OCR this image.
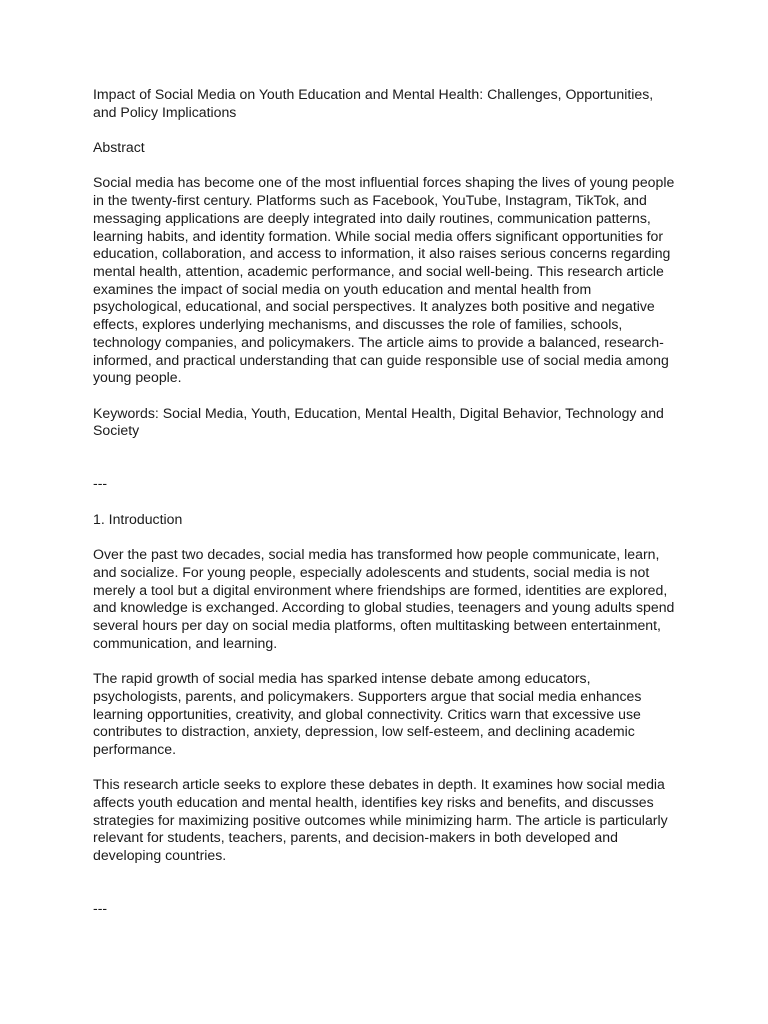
Impact of Social Media on Youth Education and Mental Health: Challenges, Opportunities, and Policy Implications

Abstract

Social media has become one of the most influential forces shaping the lives of young people in the twenty-first century. Platforms such as Facebook, YouTube, Instagram, TikTok, and messaging applications are deeply integrated into daily routines, communication patterns, learning habits, and identity formation. While social media offers significant opportunities for education, collaboration, and access to information, it also raises serious concerns regarding mental health, attention, academic performance, and social well-being. This research article examines the impact of social media on youth education and mental health from psychological, educational, and social perspectives. It analyzes both positive and negative effects, explores underlying mechanisms, and discusses the role of families, schools, technology companies, and policymakers. The article aims to provide a balanced, research-informed, and practical understanding that can guide responsible use of social media among young people.

Keywords: Social Media, Youth, Education, Mental Health, Digital Behavior, Technology and Society

---

1. Introduction

Over the past two decades, social media has transformed how people communicate, learn, and socialize. For young people, especially adolescents and students, social media is not merely a tool but a digital environment where friendships are formed, identities are explored, and knowledge is exchanged. According to global studies, teenagers and young adults spend several hours per day on social media platforms, often multitasking between entertainment, communication, and learning.

The rapid growth of social media has sparked intense debate among educators, psychologists, parents, and policymakers. Supporters argue that social media enhances learning opportunities, creativity, and global connectivity. Critics warn that excessive use contributes to distraction, anxiety, depression, low self-esteem, and declining academic performance.

This research article seeks to explore these debates in depth. It examines how social media affects youth education and mental health, identifies key risks and benefits, and discusses strategies for maximizing positive outcomes while minimizing harm. The article is particularly relevant for students, teachers, parents, and decision-makers in both developed and developing countries.

---
